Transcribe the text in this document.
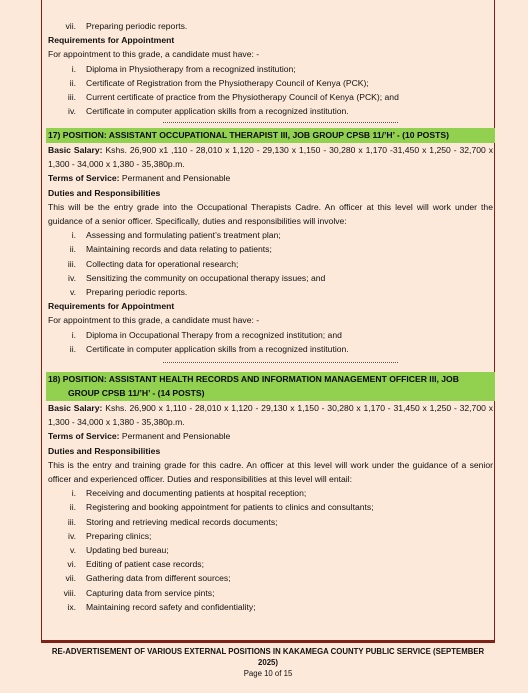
vii. Preparing periodic reports.

Requirements for Appointment

For appointment to this grade, a candidate must have: -

i. Diploma in Physiotherapy from a recognized institution;
ii. Certificate of Registration from the Physiotherapy Council of Kenya (PCK);
iii. Current certificate of practice from the Physiotherapy Council of Kenya (PCK); and
iv. Certificate in computer application skills from a recognized institution.
17) POSITION: ASSISTANT OCCUPATIONAL THERAPIST III, JOB GROUP CPSB 11/’H’ - (10 POSTS)

Basic Salary: Kshs. 26,900 x1 ,110 - 28,010 x 1,120 - 29,130 x 1,150 - 30,280 x 1,170 -31,450 x 1,250 - 32,700 x 1,300 - 34,000 x 1,380 - 35,380p.m.

Terms of Service: Permanent and Pensionable

Duties and Responsibilities

This will be the entry grade into the Occupational Therapists Cadre. An officer at this level will work under the guidance of a senior officer. Specifically, duties and responsibilities will involve:

i. Assessing and formulating patient’s treatment plan;
ii. Maintaining records and data relating to patients;
iii. Collecting data for operational research;
iv. Sensitizing the community on occupational therapy issues; and
v. Preparing periodic reports.

Requirements for Appointment

For appointment to this grade, a candidate must have: -

i. Diploma in Occupational Therapy from a recognized institution; and
ii. Certificate in computer application skills from a recognized institution.
18) POSITION: ASSISTANT HEALTH RECORDS AND INFORMATION MANAGEMENT OFFICER III, JOB
GROUP CPSB 11/’H’ - (14 POSTS)

Basic Salary: Kshs. 26,900 x 1,110 - 28,010 x 1,120 - 29,130 x 1,150 - 30,280 x 1,170 - 31,450 x 1,250 - 32,700 x 1,300 - 34,000 x 1,380 - 35,380p.m.

Terms of Service: Permanent and Pensionable

Duties and Responsibilities

This is the entry and training grade for this cadre. An officer at this level will work under the guidance of a senior officer and experienced officer. Duties and responsibilities at this level will entail:

i. Receiving and documenting patients at hospital reception;
ii. Registering and booking appointment for patients to clinics and consultants;
iii. Storing and retrieving medical records documents;
iv. Preparing clinics;
v. Updating bed bureau;
vi. Editing of patient case records;
vii. Gathering data from different sources;
viii. Capturing data from service pints;
ix. Maintaining record safety and confidentiality;
RE-ADVERTISEMENT OF VARIOUS EXTERNAL POSITIONS IN KAKAMEGA COUNTY PUBLIC SERVICE (SEPTEMBER 2025)
Page 10 of 15
